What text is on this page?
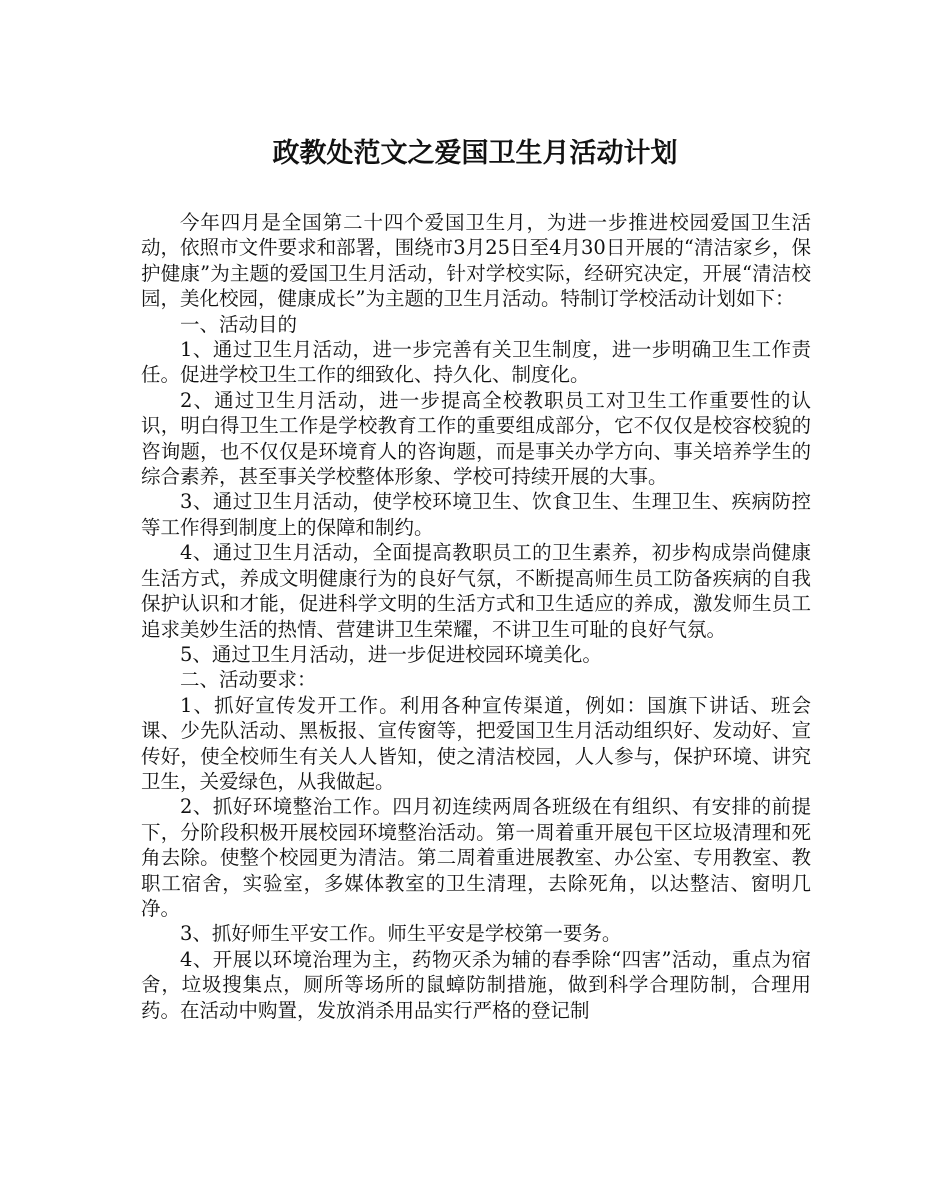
政教处范文之爱国卫生月活动计划

今年四月是全国第二十四个爱国卫生月，为进一步推进校园爱国卫生活动，依照市文件要求和部署，围绕市3月25日至4月30日开展的“清洁家乡，保护健康”为主题的爱国卫生月活动，针对学校实际，经研究决定，开展“清洁校园，美化校园，健康成长”为主题的卫生月活动。特制订学校活动计划如下：

一、活动目的

1、通过卫生月活动，进一步完善有关卫生制度，进一步明确卫生工作责任。促进学校卫生工作的细致化、持久化、制度化。

2、通过卫生月活动，进一步提高全校教职员工对卫生工作重要性的认识，明白得卫生工作是学校教育工作的重要组成部分，它不仅仅是校容校貌的咨询题，也不仅仅是环境育人的咨询题，而是事关办学方向、事关培养学生的综合素养，甚至事关学校整体形象、学校可持续开展的大事。

3、通过卫生月活动，使学校环境卫生、饮食卫生、生理卫生、疾病防控等工作得到制度上的保障和制约。

4、通过卫生月活动，全面提高教职员工的卫生素养，初步构成崇尚健康生活方式，养成文明健康行为的良好气氛，不断提高师生员工防备疾病的自我保护认识和才能，促进科学文明的生活方式和卫生适应的养成，激发师生员工追求美妙生活的热情、营建讲卫生荣耀，不讲卫生可耻的良好气氛。

5、通过卫生月活动，进一步促进校园环境美化。

二、活动要求：

1、抓好宣传发开工作。利用各种宣传渠道，例如：国旗下讲话、班会课、少先队活动、黑板报、宣传窗等，把爱国卫生月活动组织好、发动好、宣传好，使全校师生有关人人皆知，使之清洁校园，人人参与，保护环境、讲究卫生，关爱绿色，从我做起。

2、抓好环境整治工作。四月初连续两周各班级在有组织、有安排的前提下，分阶段积极开展校园环境整治活动。第一周着重开展包干区垃圾清理和死角去除。使整个校园更为清洁。第二周着重进展教室、办公室、专用教室、教职工宿舍，实验室，多媒体教室的卫生清理，去除死角，以达整洁、窗明几净。

3、抓好师生平安工作。师生平安是学校第一要务。

4、开展以环境治理为主，药物灭杀为辅的春季除“四害”活动，重点为宿舍，垃圾搜集点，厕所等场所的鼠蟑防制措施，做到科学合理防制，合理用药。在活动中购置，发放消杀用品实行严格的登记制
